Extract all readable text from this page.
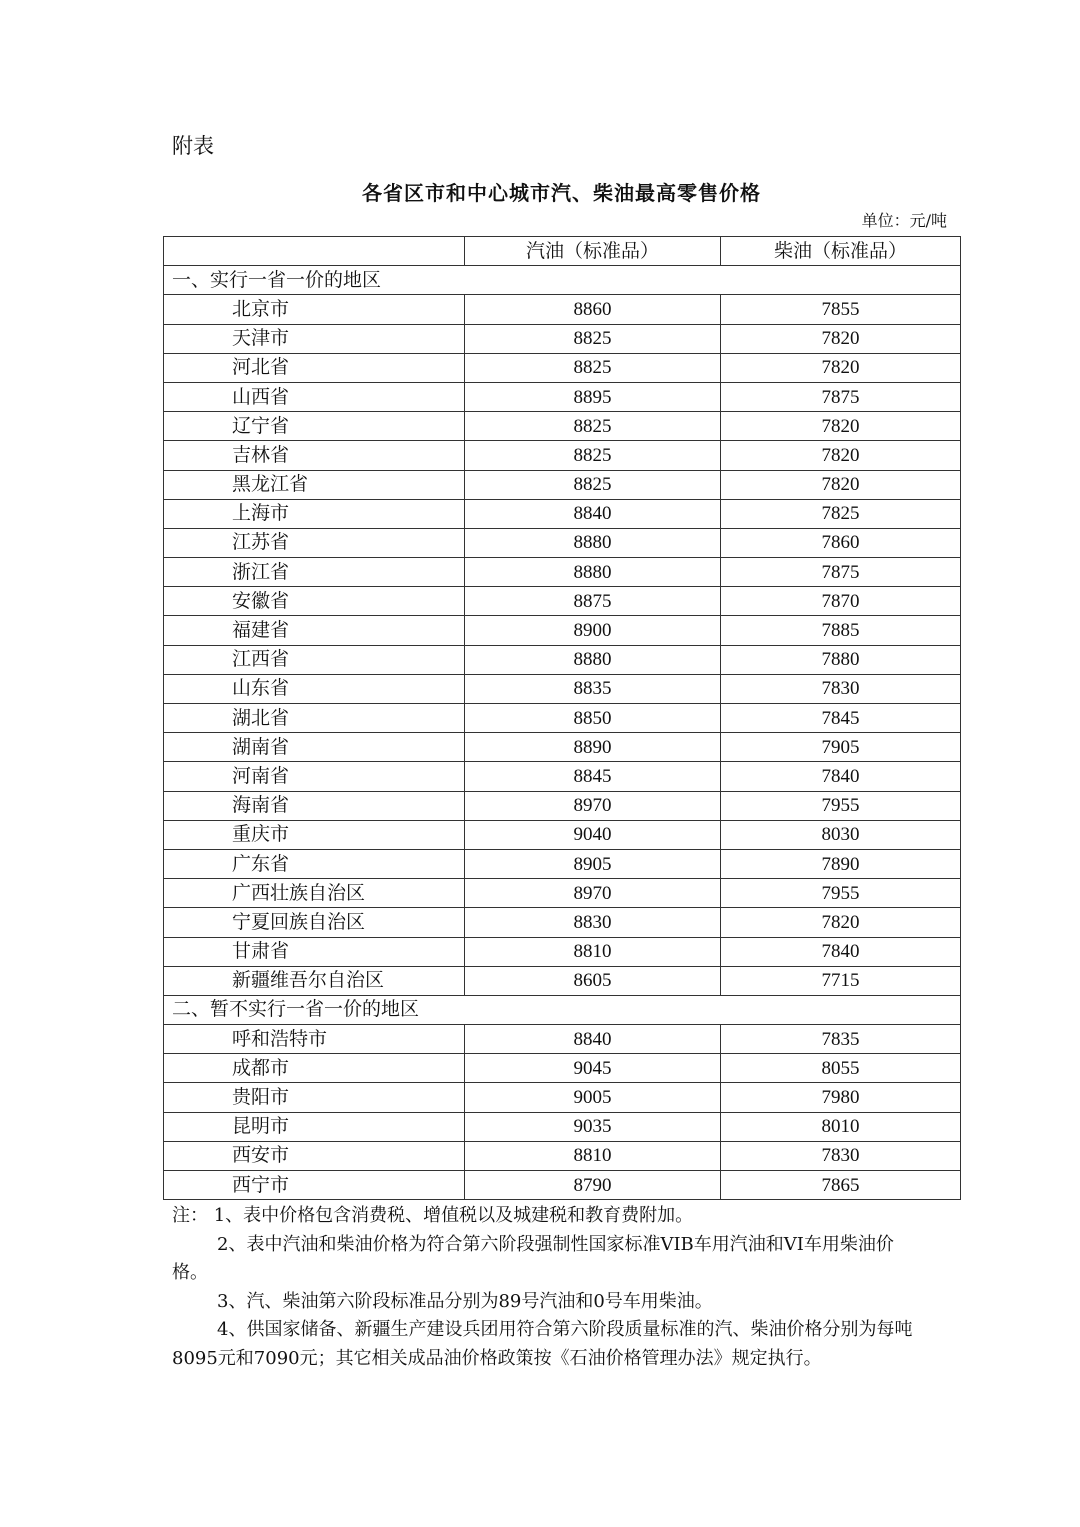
附表
各省区市和中心城市汽、柴油最高零售价格
单位：元/吨
	汽油（标准品）	柴油（标准品）
一、实行一省一价的地区		
北京市	8860	7855
天津市	8825	7820
河北省	8825	7820
山西省	8895	7875
辽宁省	8825	7820
吉林省	8825	7820
黑龙江省	8825	7820
上海市	8840	7825
江苏省	8880	7860
浙江省	8880	7875
安徽省	8875	7870
福建省	8900	7885
江西省	8880	7880
山东省	8835	7830
湖北省	8850	7845
湖南省	8890	7905
河南省	8845	7840
海南省	8970	7955
重庆市	9040	8030
广东省	8905	7890
广西壮族自治区	8970	7955
宁夏回族自治区	8830	7820
甘肃省	8810	7840
新疆维吾尔自治区	8605	7715
二、暂不实行一省一价的地区		
呼和浩特市	8840	7835
成都市	9045	8055
贵阳市	9005	7980
昆明市	9035	8010
西安市	8810	7830
西宁市	8790	7865

注： 1、表中价格包含消费税、增值税以及城建税和教育费附加。

2、表中汽油和柴油价格为符合第六阶段强制性国家标准VIB车用汽油和VI车用柴油价

格。

3、汽、柴油第六阶段标准品分别为89号汽油和0号车用柴油。

4、供国家储备、新疆生产建设兵团用符合第六阶段质量标准的汽、柴油价格分别为每吨

8095元和7090元；其它相关成品油价格政策按《石油价格管理办法》规定执行。
